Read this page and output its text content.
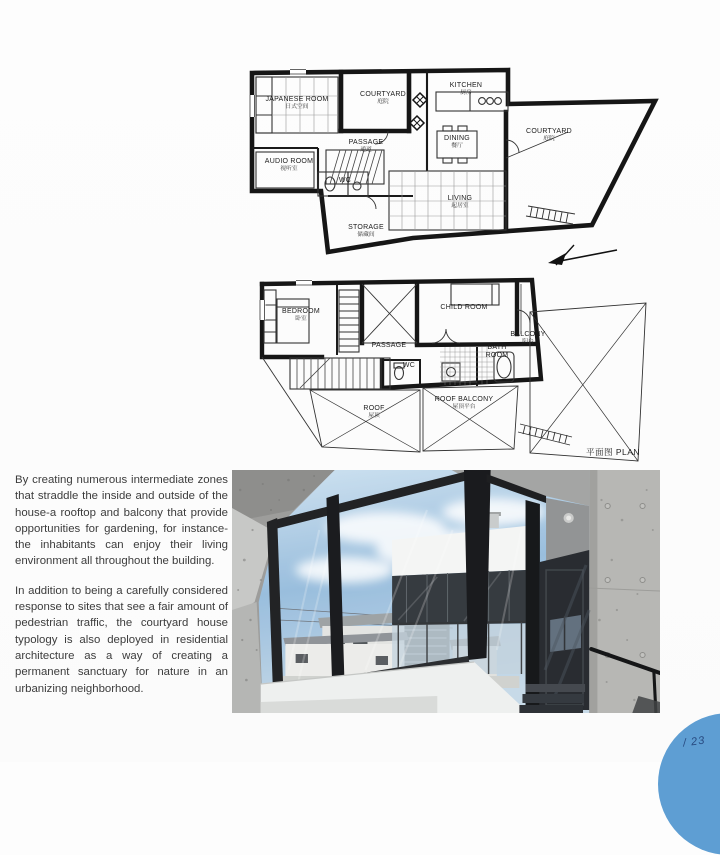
JAPANESE ROOM
日式空间
COURTYARD
庭院
KITCHEN
厨房
PASSAGE
通道
AUDIO ROOM
视听室
WC
STORAGE
储藏间
DINING
餐厅
LIVING
起居室
COURTYARD
庭院
BEDROOM
卧室
PASSAGE
CHILD ROOM
WC
BATH ROOM
BALCONY
阳台
ROOF
屋顶
ROOF BALCONY
屋顶平台
平面图 PLAN

By creating numerous intermediate zones that straddle the inside and outside of the house-a rooftop and balcony that provide opportunities for gardening, for instance-the inhabitants can enjoy their living environment all throughout the building.

In addition to being a carefully considered response to sites that see a fair amount of pedestrian traffic, the courtyard house typology is also deployed in residential architecture as a way of creating a permanent sanctuary for nature in an urbanizing neighborhood.

/ 23
